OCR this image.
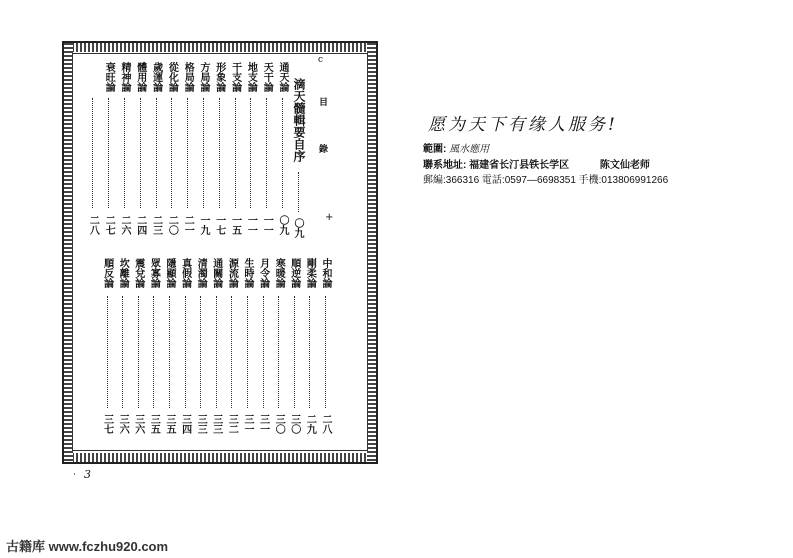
滴天髓輯要自序
〇九
目 錄
+
c
通天論
〇九
天干論
一一
地支論
一一
干支論
一五
形象論
一七
方局論
一九
格局論
二一
從化論
二〇
歲運論
二三
體用論
二四
精神論
二六
衰旺論
二七
二八
中和論
二八
剛柔論
二九
順逆論
三〇
寒暖論
三〇
月令論
三一
生時論
三一
源流論
三二
通關論
三三
清濁論
三三
真假論
三四
隱顯論
三五
眾寡論
三五
震兌論
三六
坎離論
三六
順反論
三七
3
·
愿为天下有缘人服务!
範圍: 風水應用
聯系地址: 福建省长汀县铁长学区	陈文仙老师
郵編:366316 電話:0597—6698351 手機:013806991266
古籍库 www.fczhu920.com
